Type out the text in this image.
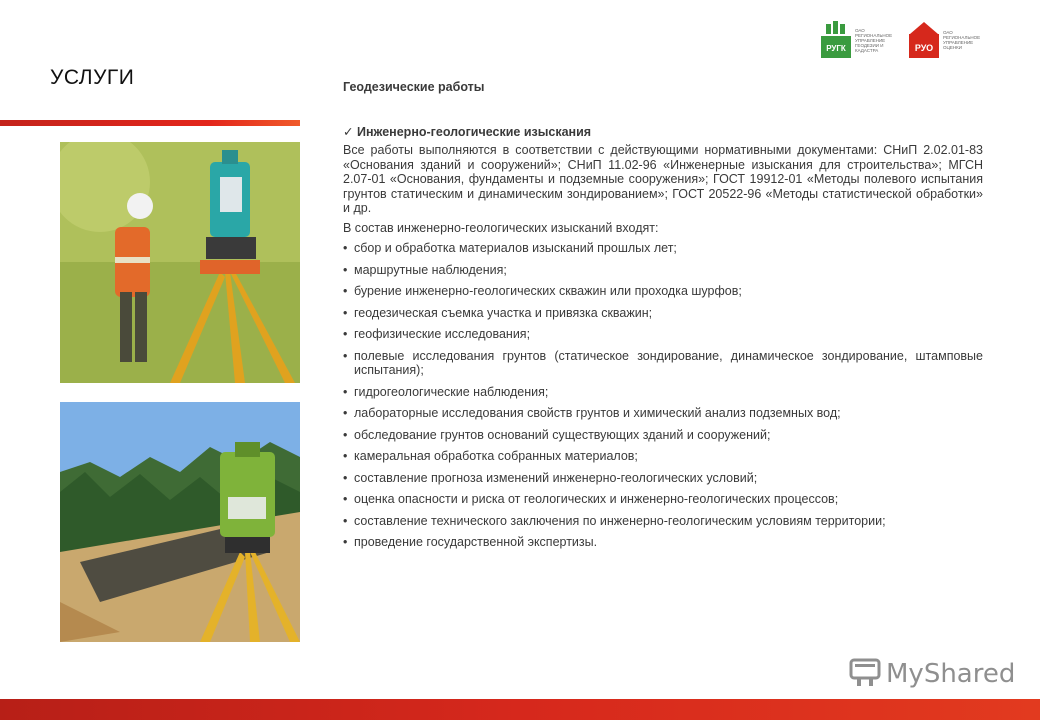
УСЛУГИ
РУГК
ОАО РЕГИОНАЛЬНОЕ УПРАВЛЕНИЕ ГЕОДЕЗИИ И КАДАСТРА	РУО
ОАО РЕГИОНАЛЬНОЕ УПРАВЛЕНИЕ ОЦЕНКИ
Геодезические работы
✓ Инженерно-геологические изыскания
Все работы выполняются в соответствии с действующими нормативными документами: СНиП 2.02.01-83 «Основания зданий и сооружений»; СНиП 11.02-96 «Инженерные изыскания для строительства»; МГСН 2.07-01 «Основания, фундаменты и подземные сооружения»; ГОСТ 19912-01 «Методы полевого испытания грунтов статическим и динамическим зондированием»; ГОСТ 20522-96 «Методы статистической обработки» и др.
В состав инженерно-геологических изысканий входят:
• сбор и обработка материалов изысканий прошлых лет;
• маршрутные наблюдения;
• бурение инженерно-геологических скважин или проходка шурфов;
• геодезическая съемка участка и привязка скважин;
• геофизические исследования;
• полевые исследования грунтов (статическое зондирование, динамическое зондирование, штамповые испытания);
• гидрогеологические наблюдения;
• лабораторные исследования свойств грунтов и химический анализ подземных вод;
• обследование грунтов оснований существующих зданий и сооружений;
• камеральная обработка собранных материалов;
• составление прогноза изменений инженерно-геологических условий;
• оценка опасности и риска от геологических и инженерно-геологических процессов;
• составление технического заключения по инженерно-геологическим условиям территории;
• проведение государственной экспертизы.
MyShared
